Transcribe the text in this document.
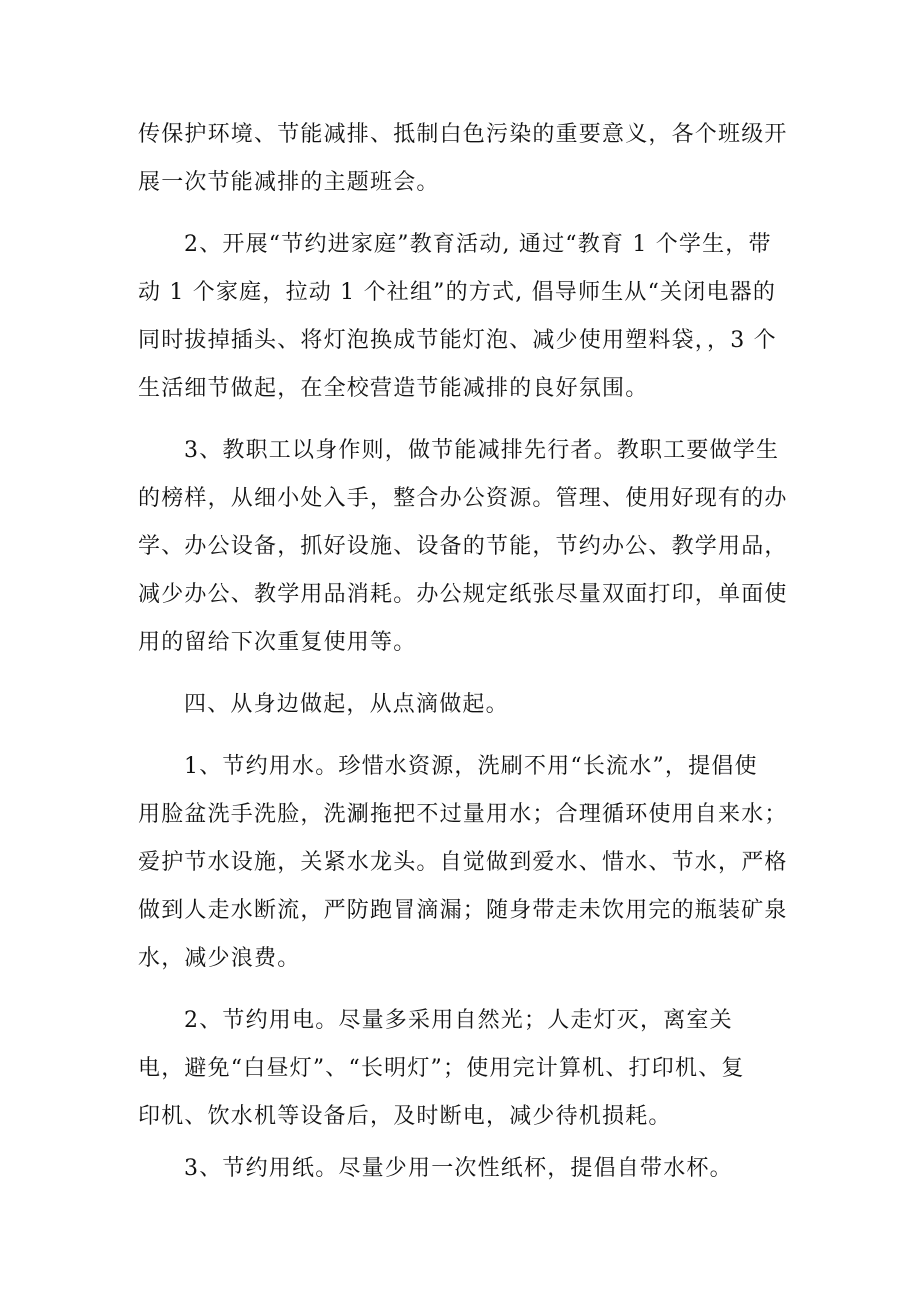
传保护环境、节能减排、抵制白色污染的重要意义，各个班级开
展一次节能减排的主题班会。
2、开展“节约进家庭”教育活动, 通过“教育 1 个学生，带
动 1 个家庭，拉动 1 个社组”的方式, 倡导师生从“关闭电器的
同时拔掉插头、将灯泡换成节能灯泡、减少使用塑料袋，，3 个
生活细节做起，在全校营造节能减排的良好氛围。
3、教职工以身作则，做节能减排先行者。教职工要做学生
的榜样，从细小处入手，整合办公资源。管理、使用好现有的办
学、办公设备，抓好设施、设备的节能，节约办公、教学用品，
减少办公、教学用品消耗。办公规定纸张尽量双面打印，单面使
用的留给下次重复使用等。
四、从身边做起，从点滴做起。
1、节约用水。珍惜水资源，洗刷不用“长流水”，提倡使
用脸盆洗手洗脸，洗涮拖把不过量用水；合理循环使用自来水；
爱护节水设施，关紧水龙头。自觉做到爱水、惜水、节水，严格
做到人走水断流，严防跑冒滴漏；随身带走未饮用完的瓶装矿泉
水，减少浪费。
2、节约用电。尽量多采用自然光；人走灯灭，离室关
电，避免“白昼灯”、“长明灯”；使用完计算机、打印机、复
印机、饮水机等设备后，及时断电，减少待机损耗。
3、节约用纸。尽量少用一次性纸杯，提倡自带水杯。
